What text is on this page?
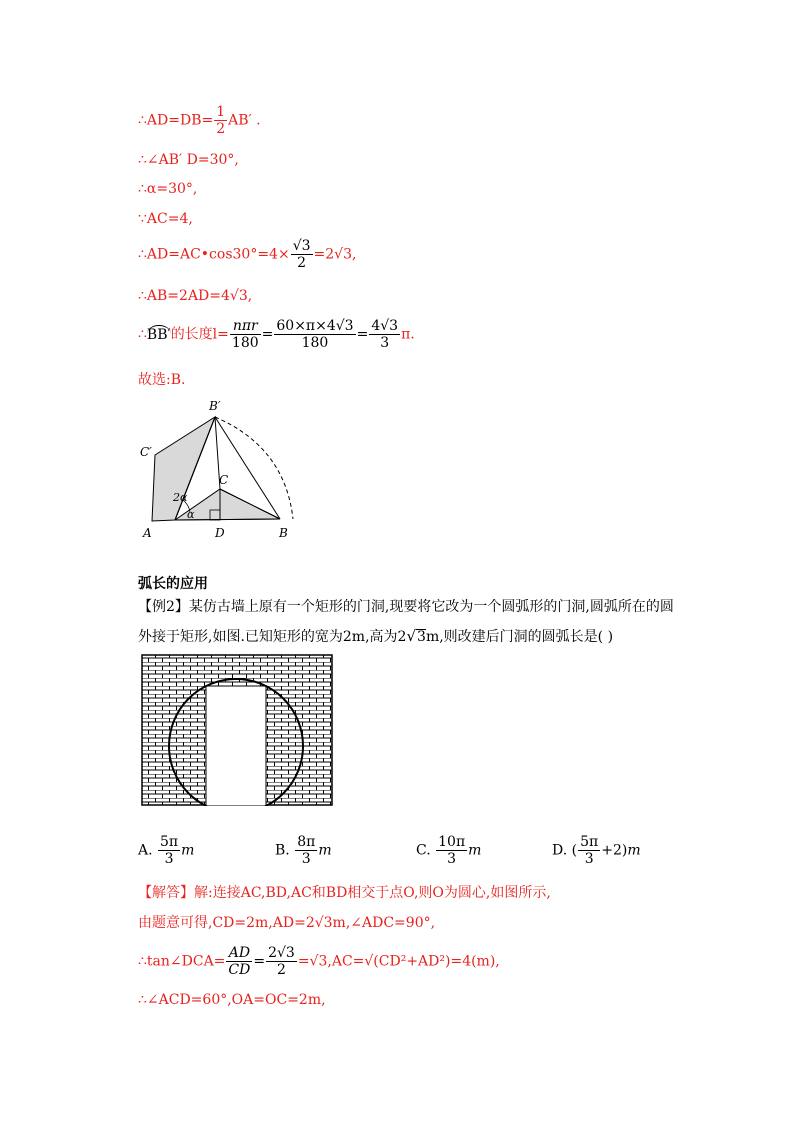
∴AD=DB= $\frac{1}{2} AB'$ .
∴∠AB′ D=30°,
∴α=30°,
∵AC=4,
∴AD=AC•cos30°=4× $\frac{√3}{2} =2√3$,
∴AB=2AD=4√3,
∴BB′的长度$l= \frac{\text{nπr}}{180} = \frac{60\times\pi\times 4√3}{180} = \frac{4√3}{3} \pi$.
故选:B.
B′
C′
C
2α
α
A	D	B
弧长的应用
【例2】某仿古墙上原有一个矩形的门洞,现要将它改为一个圆弧形的门洞,圆弧所在的圆
外接于矩形,如图.已知矩形的宽为2m,高为2√3m,则改建后门洞的圆弧长是( )
A. $\frac{5\pi}{3}$ m	B. $\frac{8\pi}{3}$ m	C. $\frac{10\pi}{3}$ m	D. ( $\frac{5\pi}{3} +2)m$
【解答】解:连接AC,BD,AC和BD相交于点O,则O为圆心,如图所示,
由题意可得,CD=2m,AD=2√3m,∠ADC=90°,
∴tan∠DCA= $\frac{AD}{CD} = \frac{2√3}{2} =√3,AC=√(CD^2+AD^2)=4(m)$,
∴∠ACD=60°,OA=OC=2m,
